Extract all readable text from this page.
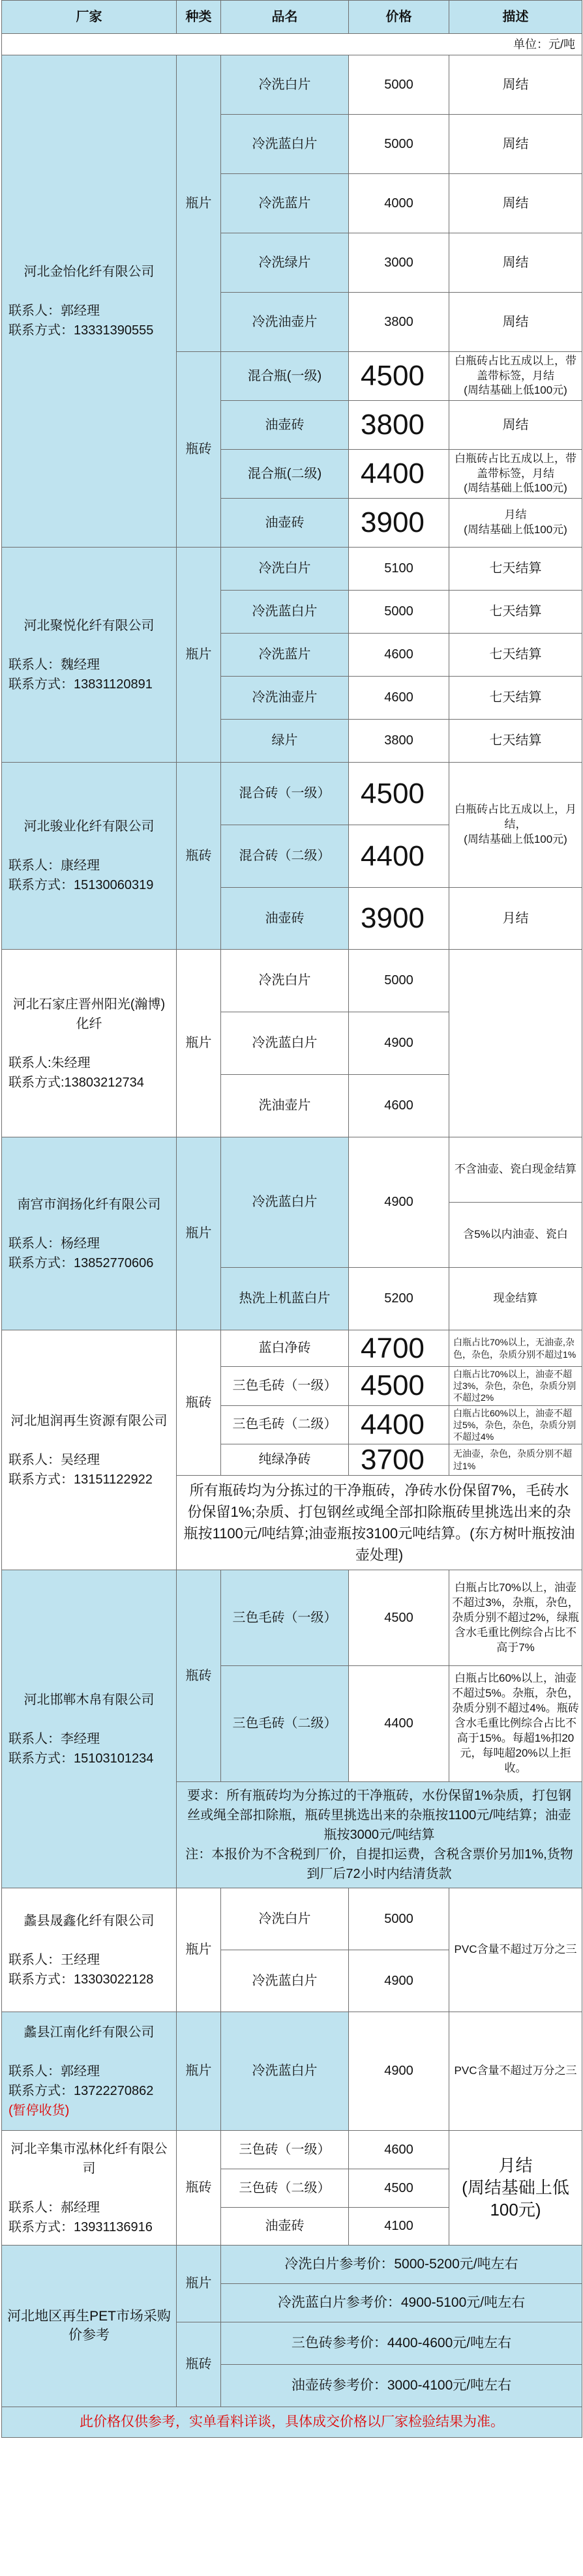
厂家	种类	品名	价格	描述
单位：元/吨				

河北金怡化纤有限公司

联系人：郭经理
联系方式：13331390555	瓶片	冷洗白片	5000	周结
		冷洗蓝白片	5000	周结
		冷洗蓝片	4000	周结
		冷洗绿片	3000	周结
		冷洗油壶片	3800	周结
	瓶砖	混合瓶(一级)	4500	白瓶砖占比五成以上，带盖带标签，月结
(周结基础上低100元)
		油壶砖	3800	周结
		混合瓶(二级)	4400	白瓶砖占比五成以上，带盖带标签，月结
(周结基础上低100元)
		油壶砖	3900	月结
(周结基础上低100元)

河北聚悦化纤有限公司

联系人：魏经理
联系方式：13831120891	瓶片	冷洗白片	5100	七天结算
		冷洗蓝白片	5000	七天结算
		冷洗蓝片	4600	七天结算
		冷洗油壶片	4600	七天结算
		绿片	3800	七天结算

河北骏业化纤有限公司

联系人：康经理
联系方式：15130060319	瓶砖	混合砖（一级）	4500	白瓶砖占比五成以上，月结，
(周结基础上低100元)
		混合砖（二级）	4400	
		油壶砖	3900	月结

河北石家庄晋州阳光(瀚博)化纤

联系人:朱经理
联系方式:13803212734	瓶片	冷洗白片	5000	
		冷洗蓝白片	4900	
		洗油壶片	4600	

南宫市润扬化纤有限公司

联系人：杨经理
联系方式：13852770606	瓶片	冷洗蓝白片	4900	不含油壶、瓷白现金结算
				含5%以内油壶、瓷白
		热洗上机蓝白片	5200	现金结算

河北旭润再生资源有限公司

联系人：吴经理
联系方式：13151122922	瓶砖	蓝白净砖	4700	白瓶占比70%以上，无油壶,杂色，杂色，杂质分别不超过1%
		三色毛砖（一级）	4500	白瓶占比70%以上，油壶不超过3%，杂色，杂色，杂质分别不超过2%
		三色毛砖（二级）	4400	白瓶占比60%以上，油壶不超过5%，杂色，杂色，杂质分别不超过4%
		纯绿净砖	3700	无油壶，杂色，杂质分别不超过1%
	所有瓶砖均为分拣过的干净瓶砖，净砖水份保留7%，毛砖水份保留1%;杂质、打包钢丝或绳全部扣除瓶砖里挑选出来的杂瓶按1100元/吨结算;油壶瓶按3100元吨结算。(东方树叶瓶按油壶处理)			

河北邯郸木帛有限公司

联系人：李经理
联系方式：15103101234	瓶砖	三色毛砖（一级）	4500	白瓶占比70%以上，油壶不超过3%，杂瓶，杂色，杂质分别不超过2%，绿瓶含水毛重比例综合占比不高于7%
		三色毛砖（二级）	4400	白瓶占比60%以上，油壶不超过5%。杂瓶，杂色，杂质分别不超过4%。瓶砖含水毛重比例综合占比不高于15%。每超1%扣20元，每吨超20%以上拒收。
	要求：所有瓶砖均为分拣过的干净瓶砖，水份保留1%杂质，打包钢丝或绳全部扣除瓶，瓶砖里挑选出来的杂瓶按1100元/吨结算；油壶瓶按3000元/吨结算
注：本报价为不含税到厂价，自提扣运费，含税含票价另加1%,货物到厂后72小时内结清货款			

蠡县晟鑫化纤有限公司

联系人：王经理
联系方式：13303022128	瓶片	冷洗白片	5000	PVC含量不超过万分之三
		冷洗蓝白片	4900	

蠡县江南化纤有限公司

联系人：郭经理
联系方式：13722270862
(暂停收货)	瓶片	冷洗蓝白片	4900	PVC含量不超过万分之三

河北辛集市泓林化纤有限公司

联系人：郝经理
联系方式：13931136916	瓶砖	三色砖（一级）	4600	月结
(周结基础上低100元)
		三色砖（二级）	4500	
		油壶砖	4100	
河北地区再生PET市场采购价参考	瓶片	冷洗白片参考价：5000-5200元/吨左右		
		冷洗蓝白片参考价：4900-5100元/吨左右		
	瓶砖	三色砖参考价：4400-4600元/吨左右		
		油壶砖参考价：3000-4100元/吨左右		
此价格仅供参考，实单看料详谈，具体成交价格以厂家检验结果为准。				
